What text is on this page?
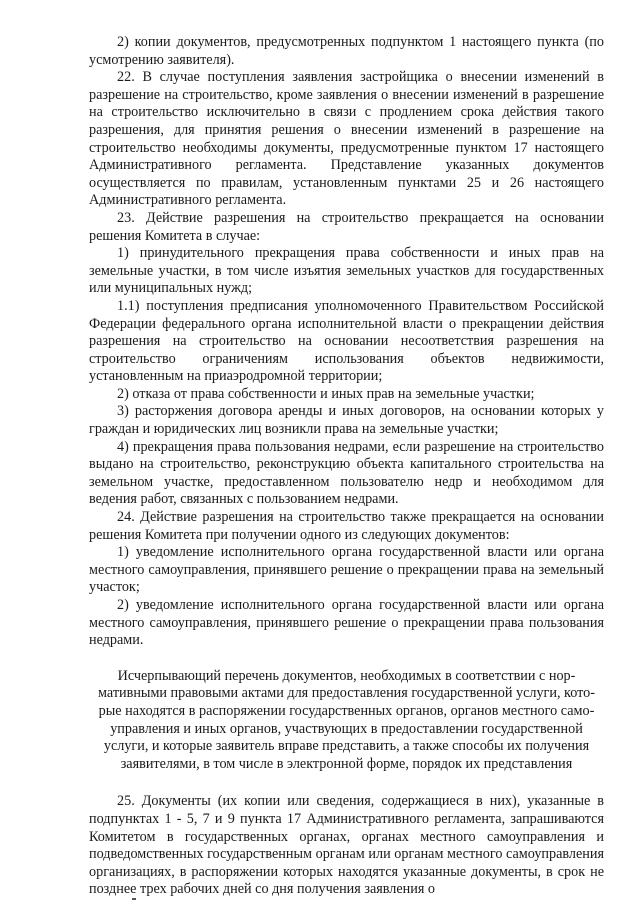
2) копии документов, предусмотренных подпунктом 1 настоящего пункта (по усмотрению заявителя).

22. В случае поступления заявления застройщика о внесении изменений в разрешение на строительство, кроме заявления о внесении изменений в разрешение на строительство исключительно в связи с продлением срока действия такого разрешения, для принятия решения о внесении изменений в разрешение на строительство необходимы документы, предусмотренные пунктом 17 настоящего Административного регламента. Представление указанных документов осуществляется по правилам, установленным пунктами 25 и 26 настоящего Административного регламента.

23. Действие разрешения на строительство прекращается на основании решения Комитета в случае:

1) принудительного прекращения права собственности и иных прав на земельные участки, в том числе изъятия земельных участков для государственных или муниципальных нужд;

1.1) поступления предписания уполномоченного Правительством Российской Федерации федерального органа исполнительной власти о прекращении действия разрешения на строительство на основании несоответствия разрешения на строительство ограничениям использования объектов недвижимости, установленным на приаэродромной территории;

2) отказа от права собственности и иных прав на земельные участки;

3) расторжения договора аренды и иных договоров, на основании которых у граждан и юридических лиц возникли права на земельные участки;

4) прекращения права пользования недрами, если разрешение на строительство выдано на строительство, реконструкцию объекта капитального строительства на земельном участке, предоставленном пользователю недр и необходимом для ведения работ, связанных с пользованием недрами.

24. Действие разрешения на строительство также прекращается на основании решения Комитета при получении одного из следующих документов:

1) уведомление исполнительного органа государственной власти или органа местного самоуправления, принявшего решение о прекращении права на земельный участок;

2) уведомление исполнительного органа государственной власти или органа местного самоуправления, принявшего решение о прекращении права пользования недрами.

Исчерпывающий перечень документов, необходимых в соответствии с нор-
мативными правовыми актами для предоставления государственной услуги, кото-
рые находятся в распоряжении государственных органов, органов местного само-
управления и иных органов, участвующих в предоставлении государственной
услуги, и которые заявитель вправе представить, а также способы их получения
заявителями, в том числе в электронной форме, порядок их представления

25. Документы (их копии или сведения, содержащиеся в них), указанные в подпунктах 1 - 5, 7 и 9 пункта 17 Административного регламента, запрашиваются Комитетом в государственных органах, органах местного самоуправления и подведомственных государственным органам или органам местного самоуправления организациях, в распоряжении которых находятся указанные документы, в срок не позднее трех рабочих дней со дня получения заявления о
